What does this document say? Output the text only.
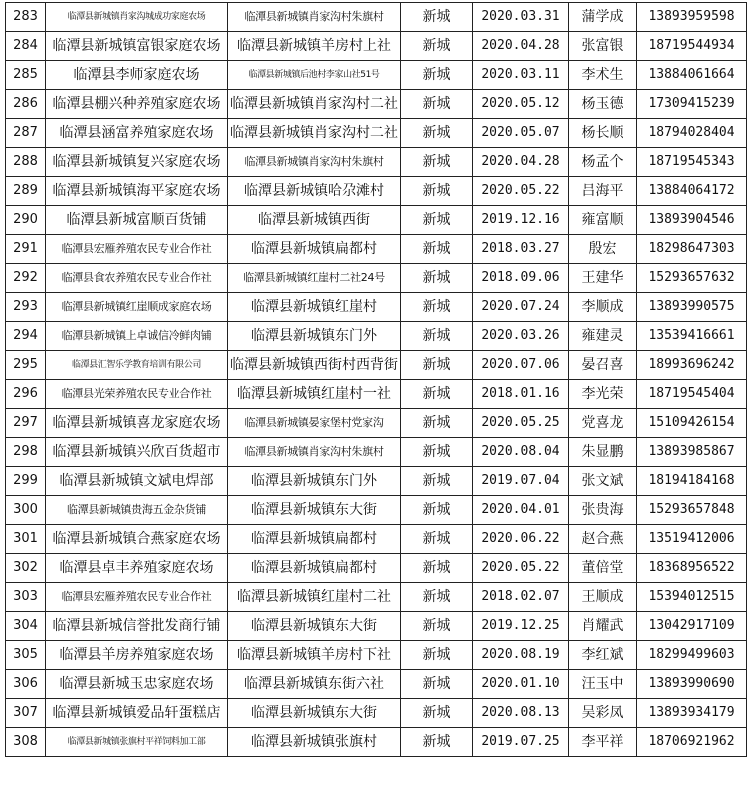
283	临潭县新城镇肖家沟城成功家庭农场	临潭县新城镇肖家沟村朱旗村	新城	2020.03.31	蒲学成	13893959598
284	临潭县新城镇富银家庭农场	临潭县新城镇羊房村上社	新城	2020.04.28	张富银	18719544934
285	临潭县李师家庭农场	临潭县新城镇后池村李家山社51号	新城	2020.03.11	李术生	13884061664
286	临潭县棚兴种养殖家庭农场	临潭县新城镇肖家沟村二社	新城	2020.05.12	杨玉德	17309415239
287	临潭县涵富养殖家庭农场	临潭县新城镇肖家沟村二社	新城	2020.05.07	杨长顺	18794028404
288	临潭县新城镇复兴家庭农场	临潭县新城镇肖家沟村朱旗村	新城	2020.04.28	杨孟个	18719545343
289	临潭县新城镇海平家庭农场	临潭县新城镇哈尕滩村	新城	2020.05.22	吕海平	13884064172
290	临潭县新城富顺百货铺	临潭县新城镇西街	新城	2019.12.16	雍富顺	13893904546
291	临潭县宏雁养殖农民专业合作社	临潭县新城镇扁都村	新城	2018.03.27	殷宏	18298647303
292	临潭县食农养殖农民专业合作社	临潭县新城镇红崖村二社24号	新城	2018.09.06	王建华	15293657632
293	临潭县新城镇红崖顺成家庭农场	临潭县新城镇红崖村	新城	2020.07.24	李顺成	13893990575
294	临潭县新城镇上卓诚信冷鲜肉铺	临潭县新城镇东门外	新城	2020.03.26	雍建灵	13539416661
295	临潭县汇智乐学教育培训有限公司	临潭县新城镇西街村西背街	新城	2020.07.06	晏召喜	18993696242
296	临潭县光荣养殖农民专业合作社	临潭县新城镇红崖村一社	新城	2018.01.16	李光荣	18719545404
297	临潭县新城镇喜龙家庭农场	临潭县新城镇晏家堡村党家沟	新城	2020.05.25	党喜龙	15109426154
298	临潭县新城镇兴欣百货超市	临潭县新城镇肖家沟村朱旗村	新城	2020.08.04	朱显鹏	13893985867
299	临潭县新城镇文斌电焊部	临潭县新城镇东门外	新城	2019.07.04	张文斌	18194184168
300	临潭县新城镇贵海五金杂货铺	临潭县新城镇东大街	新城	2020.04.01	张贵海	15293657848
301	临潭县新城镇合燕家庭农场	临潭县新城镇扁都村	新城	2020.06.22	赵合燕	13519412006
302	临潭县卓丰养殖家庭农场	临潭县新城镇扁都村	新城	2020.05.22	董倍堂	18368956522
303	临潭县宏雁养殖农民专业合作社	临潭县新城镇红崖村二社	新城	2018.02.07	王顺成	15394012515
304	临潭县新城信誉批发商行铺	临潭县新城镇东大街	新城	2019.12.25	肖耀武	13042917109
305	临潭县羊房养殖家庭农场	临潭县新城镇羊房村下社	新城	2020.08.19	李红斌	18299499603
306	临潭县新城玉忠家庭农场	临潭县新城镇东街六社	新城	2020.01.10	汪玉中	13893990690
307	临潭县新城镇爱品轩蛋糕店	临潭县新城镇东大街	新城	2020.08.13	吴彩凤	13893934179
308	临潭县新城镇张旗村平祥饲料加工部	临潭县新城镇张旗村	新城	2019.07.25	李平祥	18706921962
